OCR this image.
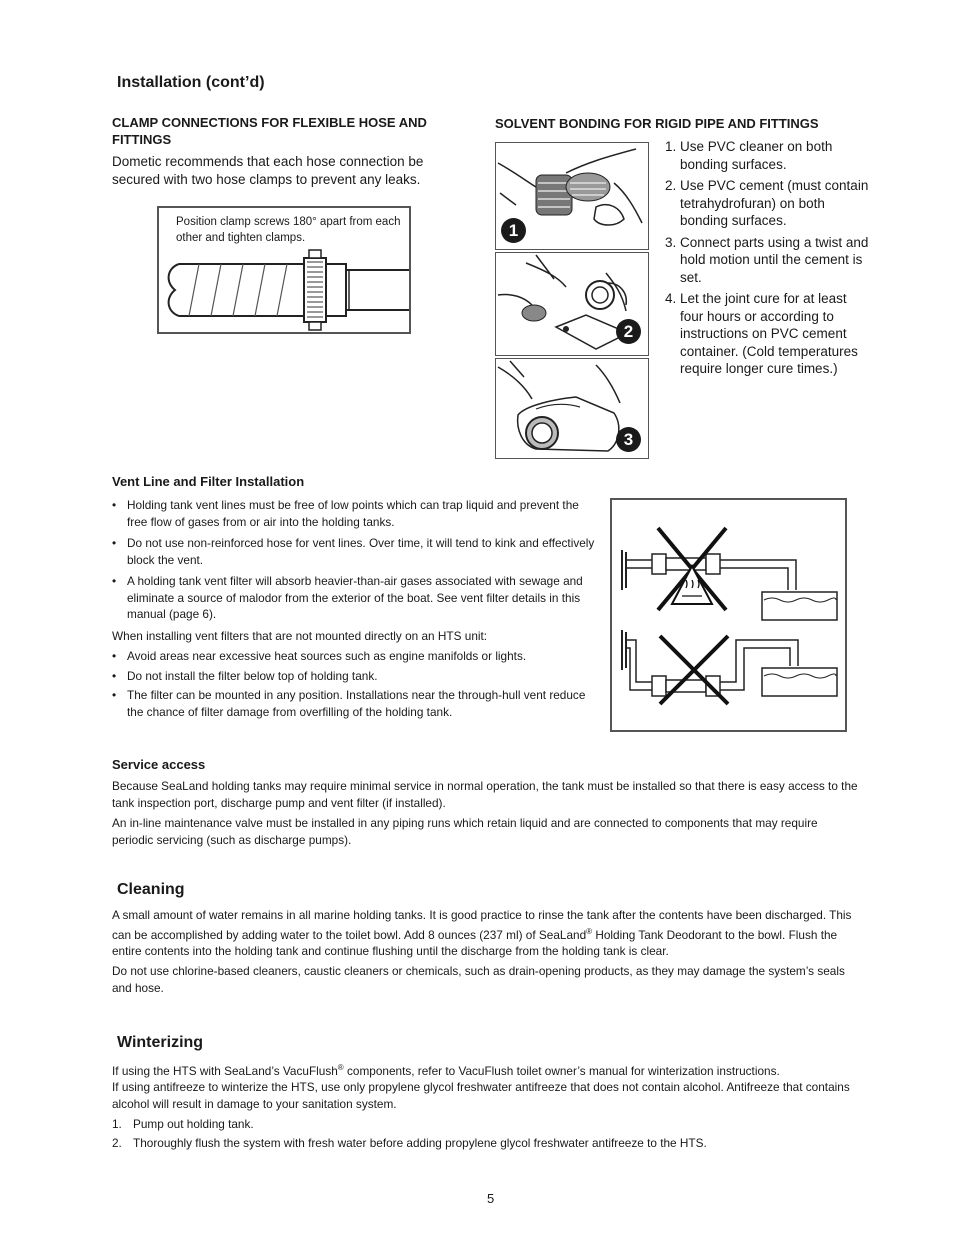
Installation (cont’d)
CLAMP CONNECTIONS FOR FLEXIBLE HOSE AND FITTINGS
Dometic recommends that each hose connection be secured with two hose clamps to prevent any leaks.
Position clamp screws 180° apart from each other and tighten clamps.
SOLVENT BONDING FOR RIGID PIPE AND FITTINGS
1
2
3
1. Use PVC cleaner on both bonding surfaces.
2. Use PVC cement (must contain tetrahydrofuran) on both bonding surfaces.
3. Connect parts using a twist and hold motion until the cement is set.
4. Let the joint cure for at least four hours or according to instructions on PVC cement container. (Cold temperatures require longer cure times.)
Vent Line and Filter Installation
• Holding tank vent lines must be free of low points which can trap liquid and prevent the free flow of gases from or air into the holding tanks.
• Do not use non-reinforced hose for vent lines. Over time, it will tend to kink and effectively block the vent.
• A holding tank vent filter will absorb heavier-than-air gases associated with sewage and eliminate a source of malodor from the exterior of the boat. See vent filter details in this manual (page 6).
When installing vent filters that are not mounted directly on an HTS unit:
• Avoid areas near excessive heat sources such as engine manifolds or lights.
• Do not install the filter below top of holding tank.
• The filter can be mounted in any position. Installations near the through-hull vent reduce the chance of filter damage from overfilling of the holding tank.
Service access
Because SeaLand holding tanks may require minimal service in normal operation, the tank must be installed so that there is easy access to the tank inspection port, discharge pump and vent filter (if installed).
An in-line maintenance valve must be installed in any piping runs which retain liquid and are connected to components that may require periodic servicing (such as discharge pumps).
Cleaning
A small amount of water remains in all marine holding tanks. It is good practice to rinse the tank after the contents have been discharged. This can be accomplished by adding water to the toilet bowl. Add 8 ounces (237 ml) of SeaLand® Holding Tank Deodorant to the bowl. Flush the entire contents into the holding tank and continue flushing until the discharge from the holding tank is clear.
Do not use chlorine-based cleaners, caustic cleaners or chemicals, such as drain-opening products, as they may damage the system’s seals and hose.
Winterizing
If using the HTS with SeaLand’s VacuFlush® components, refer to VacuFlush toilet owner’s manual for winterization instructions.
If using antifreeze to winterize the HTS, use only propylene glycol freshwater antifreeze that does not contain alcohol. Antifreeze that contains alcohol will result in damage to your sanitation system.
1. Pump out holding tank.
2. Thoroughly flush the system with fresh water before adding propylene glycol freshwater antifreeze to the HTS.
5
